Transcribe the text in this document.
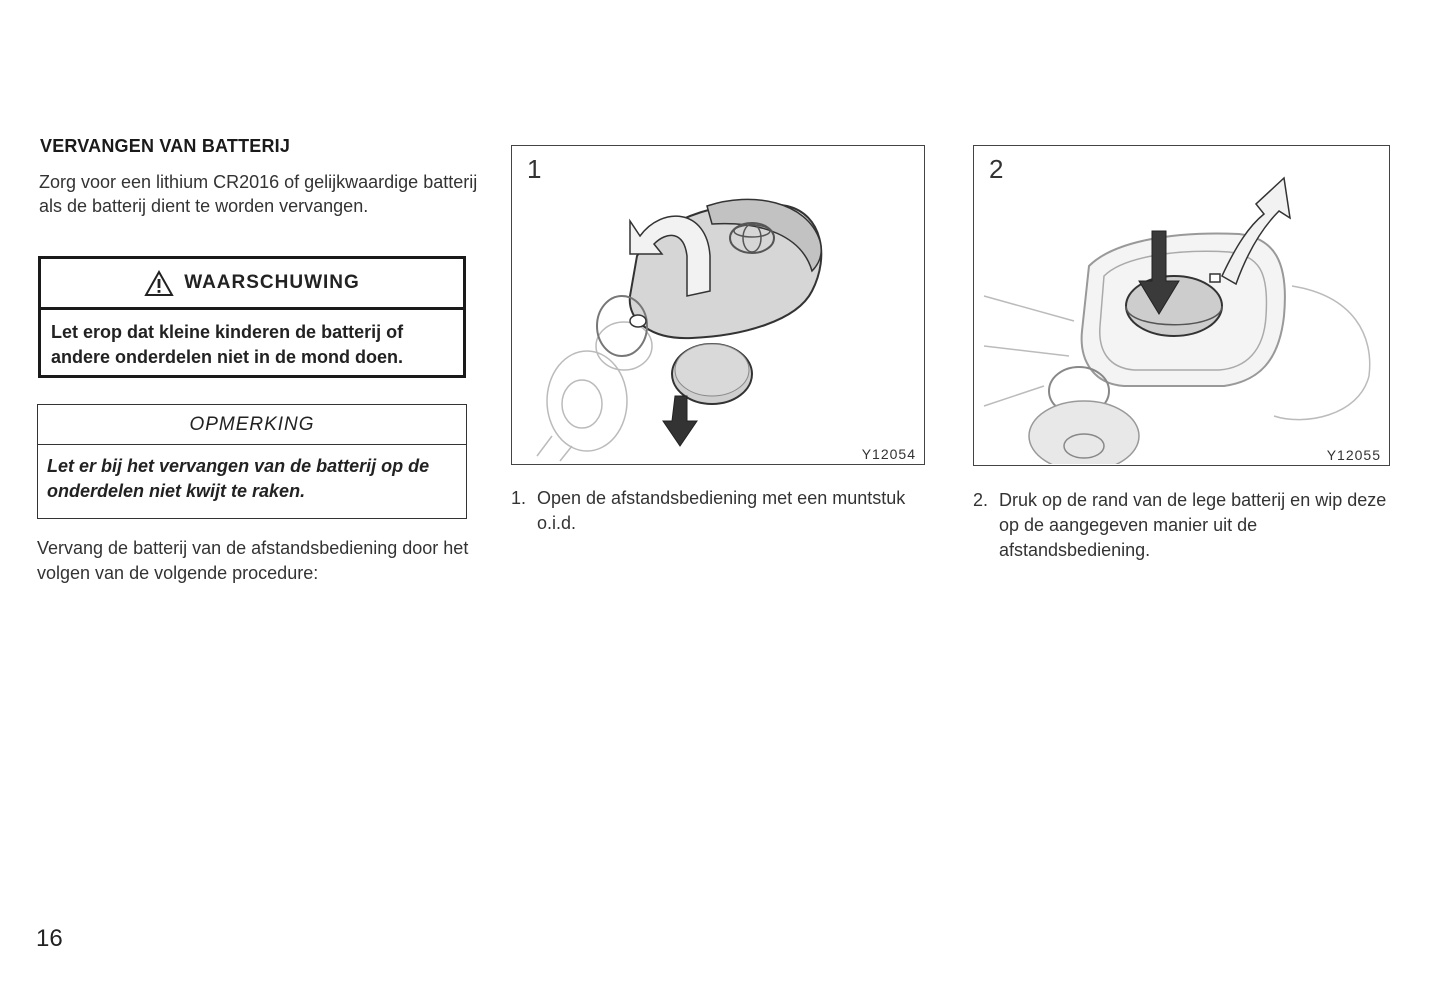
VERVANGEN VAN BATTERIJ
Zorg voor een lithium CR2016 of gelijkwaardige batterij als de batterij dient te worden vervangen.
WAARSCHUWING
Let erop dat kleine kinderen de batterij of andere onderdelen niet in de mond doen.
OPMERKING
Let er bij het vervangen van de batterij op de onderdelen niet kwijt te raken.
Vervang de batterij van de afstandsbediening door het volgen van de volgende procedure:
1
Y12054
2
Y12055
1. Open de afstandsbediening met een muntstuk o.i.d.
2. Druk op de rand van de lege batterij en wip deze op de aangegeven manier uit de afstandsbediening.
16
